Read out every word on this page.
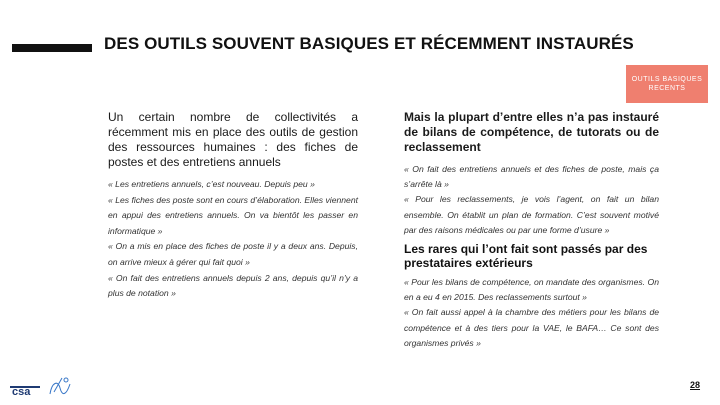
DES OUTILS SOUVENT BASIQUES ET RÉCEMMENT INSTAURÉS
OUTILS BASIQUES
RECENTS

Un certain nombre de collectivités a récemment mis en place des outils de gestion des ressources humaines : des fiches de postes et des entretiens annuels

« Les entretiens annuels, c’est nouveau. Depuis peu »

« Les fiches des poste sont en cours d’élaboration. Elles viennent en appui des entretiens annuels. On va bientôt les passer en informatique »

« On a mis en place des fiches de poste il y a deux ans. Depuis, on arrive mieux à gérer qui fait quoi »

« On fait des entretiens annuels depuis 2 ans, depuis qu’il n’y a plus de notation »

Mais la plupart d’entre elles n’a pas instauré de bilans de compétence, de tutorats ou de reclassement

« On fait des entretiens annuels et des fiches de poste, mais ça s’arrête là »

« Pour les reclassements, je vois l’agent, on fait un bilan ensemble. On établit un plan de formation. C’est souvent motivé par des raisons médicales ou par une forme d’usure »

Les rares qui l’ont fait sont passés par des prestataires extérieurs

« Pour les bilans de compétence, on mandate des organismes. On en a eu 4 en 2015. Des reclassements surtout »

« On fait aussi appel à la chambre des métiers pour les bilans de compétence et à des tiers pour la VAE, le BAFA… Ce sont des organismes privés »

csa
28
